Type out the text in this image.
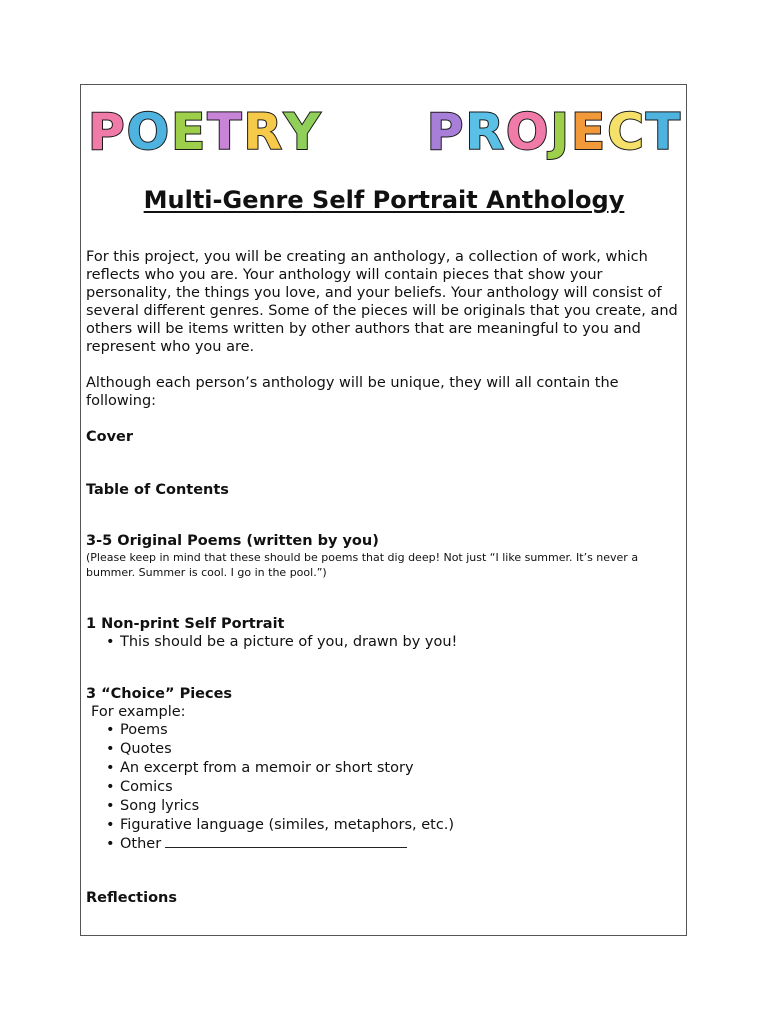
P O E T R Y P R O J E C T
Multi-Genre Self Portrait Anthology

For this project, you will be creating an anthology, a collection of work, which reflects who you are. Your anthology will contain pieces that show your personality, the things you love, and your beliefs. Your anthology will consist of several different genres. Some of the pieces will be originals that you create, and others will be items written by other authors that are meaningful to you and represent who you are.

Although each person’s anthology will be unique, they will all contain the following:

Cover

Table of Contents

3-5 Original Poems (written by you)

(Please keep in mind that these should be poems that dig deep! Not just “I like summer. It’s never a bummer. Summer is cool. I go in the pool.”)

1 Non-print Self Portrait

• This should be a picture of you, drawn by you!

3 “Choice” Pieces

For example:

• Poems
• Quotes
• An excerpt from a memoir or short story
• Comics
• Song lyrics
• Figurative language (similes, metaphors, etc.)
• Other

Reflections
